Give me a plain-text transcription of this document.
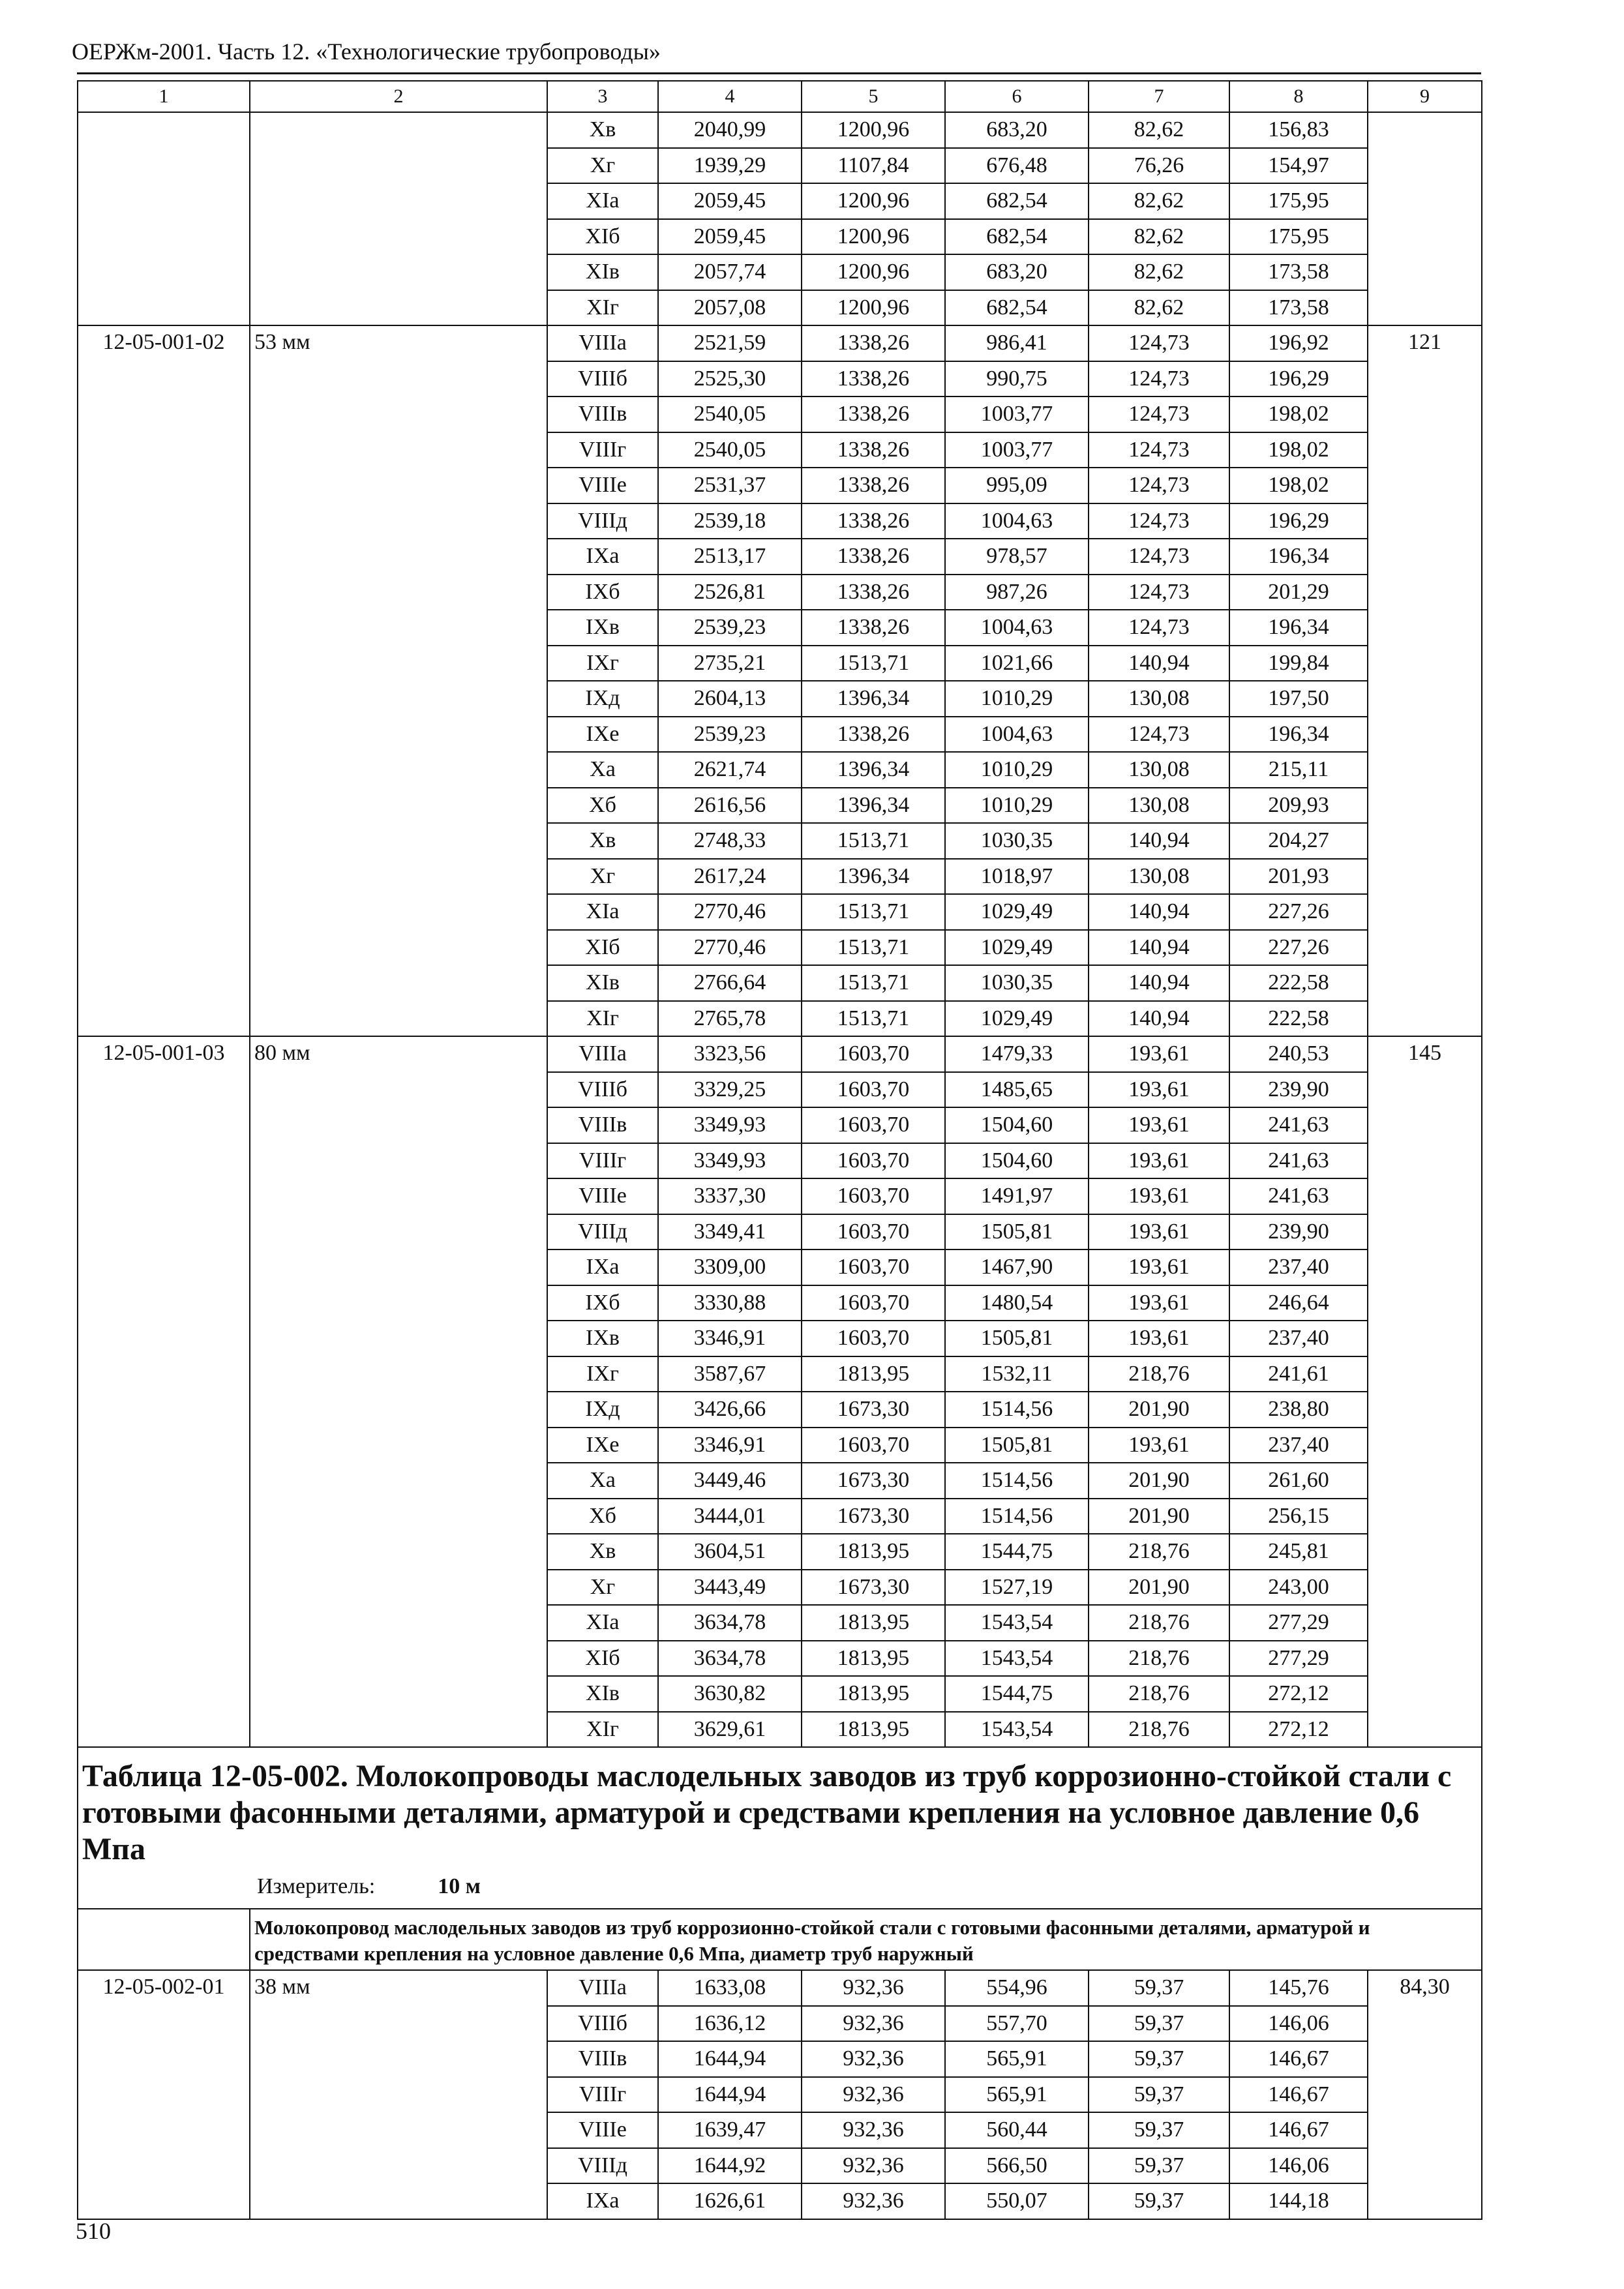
ОЕРЖм-2001. Часть 12. «Технологические трубопроводы»
1	2	3	4	5	6	7	8	9
		Хв	2040,99	1200,96	683,20	82,62	156,83	
		Хг	1939,29	1107,84	676,48	76,26	154,97	
		ХIа	2059,45	1200,96	682,54	82,62	175,95	
		ХIб	2059,45	1200,96	682,54	82,62	175,95	
		ХIв	2057,74	1200,96	683,20	82,62	173,58	
		ХIг	2057,08	1200,96	682,54	82,62	173,58	
12-05-001-02	53 мм	VIIIа	2521,59	1338,26	986,41	124,73	196,92	121
		VIIIб	2525,30	1338,26	990,75	124,73	196,29	
		VIIIв	2540,05	1338,26	1003,77	124,73	198,02	
		VIIIг	2540,05	1338,26	1003,77	124,73	198,02	
		VIIIе	2531,37	1338,26	995,09	124,73	198,02	
		VIIIд	2539,18	1338,26	1004,63	124,73	196,29	
		IХа	2513,17	1338,26	978,57	124,73	196,34	
		IХб	2526,81	1338,26	987,26	124,73	201,29	
		IХв	2539,23	1338,26	1004,63	124,73	196,34	
		IХг	2735,21	1513,71	1021,66	140,94	199,84	
		IХд	2604,13	1396,34	1010,29	130,08	197,50	
		IХе	2539,23	1338,26	1004,63	124,73	196,34	
		Ха	2621,74	1396,34	1010,29	130,08	215,11	
		Хб	2616,56	1396,34	1010,29	130,08	209,93	
		Хв	2748,33	1513,71	1030,35	140,94	204,27	
		Хг	2617,24	1396,34	1018,97	130,08	201,93	
		ХIа	2770,46	1513,71	1029,49	140,94	227,26	
		ХIб	2770,46	1513,71	1029,49	140,94	227,26	
		ХIв	2766,64	1513,71	1030,35	140,94	222,58	
		ХIг	2765,78	1513,71	1029,49	140,94	222,58	
12-05-001-03	80 мм	VIIIа	3323,56	1603,70	1479,33	193,61	240,53	145
		VIIIб	3329,25	1603,70	1485,65	193,61	239,90	
		VIIIв	3349,93	1603,70	1504,60	193,61	241,63	
		VIIIг	3349,93	1603,70	1504,60	193,61	241,63	
		VIIIе	3337,30	1603,70	1491,97	193,61	241,63	
		VIIIд	3349,41	1603,70	1505,81	193,61	239,90	
		IХа	3309,00	1603,70	1467,90	193,61	237,40	
		IХб	3330,88	1603,70	1480,54	193,61	246,64	
		IХв	3346,91	1603,70	1505,81	193,61	237,40	
		IХг	3587,67	1813,95	1532,11	218,76	241,61	
		IХд	3426,66	1673,30	1514,56	201,90	238,80	
		IХе	3346,91	1603,70	1505,81	193,61	237,40	
		Ха	3449,46	1673,30	1514,56	201,90	261,60	
		Хб	3444,01	1673,30	1514,56	201,90	256,15	
		Хв	3604,51	1813,95	1544,75	218,76	245,81	
		Хг	3443,49	1673,30	1527,19	201,90	243,00	
		ХIа	3634,78	1813,95	1543,54	218,76	277,29	
		ХIб	3634,78	1813,95	1543,54	218,76	277,29	
		ХIв	3630,82	1813,95	1544,75	218,76	272,12	
		ХIг	3629,61	1813,95	1543,54	218,76	272,12	

Таблица 12-05-002. Молокопроводы маслодельных заводов из труб коррозионно-стойкой стали с готовыми фасонными деталями, арматурой и средствами крепления на условное давление 0,6 Мпа
Измеритель: 10 м								

	Молокопровод маслодельных заводов из труб коррозионно-стойкой стали с готовыми фасонными деталями, арматурой и средствами крепления на условное давление 0,6 Мпа, диаметр труб наружный							
12-05-002-01	38 мм	VIIIа	1633,08	932,36	554,96	59,37	145,76	84,30
		VIIIб	1636,12	932,36	557,70	59,37	146,06	
		VIIIв	1644,94	932,36	565,91	59,37	146,67	
		VIIIг	1644,94	932,36	565,91	59,37	146,67	
		VIIIе	1639,47	932,36	560,44	59,37	146,67	
		VIIIд	1644,92	932,36	566,50	59,37	146,06	
		IХа	1626,61	932,36	550,07	59,37	144,18	
510
